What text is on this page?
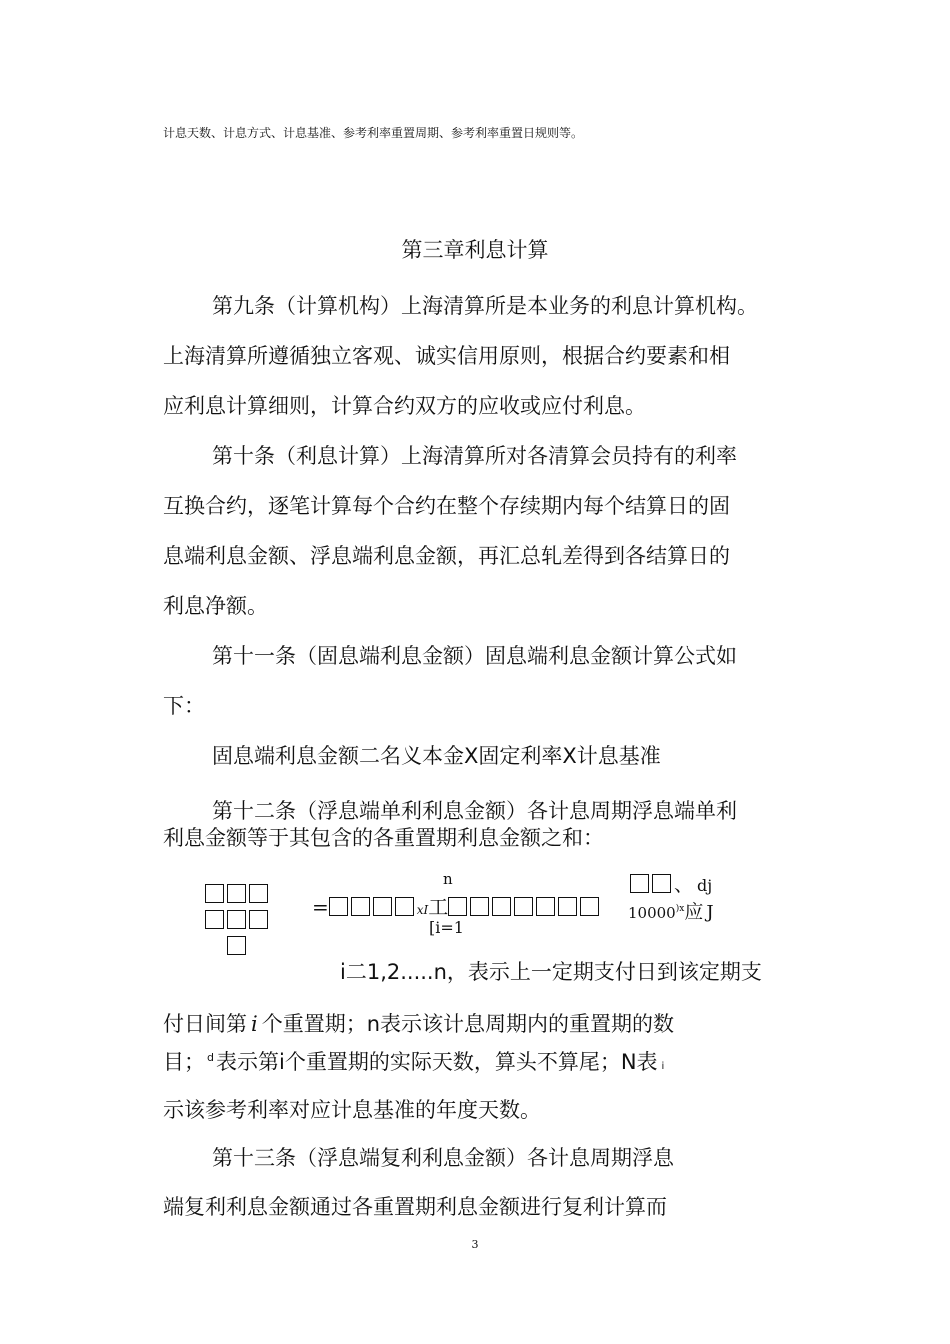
计息天数、计息方式、计息基准、参考利率重置周期、参考利率重置日规则等。
第三章利息计算
第九条（计算机构）上海清算所是本业务的利息计算机构。
上海清算所遵循独立客观、诚实信用原则，根据合约要素和相
应利息计算细则，计算合约双方的应收或应付利息。
第十条（利息计算）上海清算所对各清算会员持有的利率
互换合约，逐笔计算每个合约在整个存续期内每个结算日的固
息端利息金额、浮息端利息金额，再汇总轧差得到各结算日的
利息净额。
第十一条（固息端利息金额）固息端利息金额计算公式如
下：
固息端利息金额二名义本金X固定利率X计息基准
第十二条（浮息端单利利息金额）各计息周期浮息端单利
利息金额等于其包含的各重置期利息金额之和：
n
=	xI工
[i=1
、 dj
$10000^{)x}$应 J
i二1,2.....n，表示上一定期支付日到该定期支
付日间第 i 个重置期；n表示该计息周期内的重置期的数
目； $^d$表示第i个重置期的实际天数，算头不算尾；N表 i
示该参考利率对应计息基准的年度天数。
第十三条（浮息端复利利息金额）各计息周期浮息
端复利利息金额通过各重置期利息金额进行复利计算而
3
